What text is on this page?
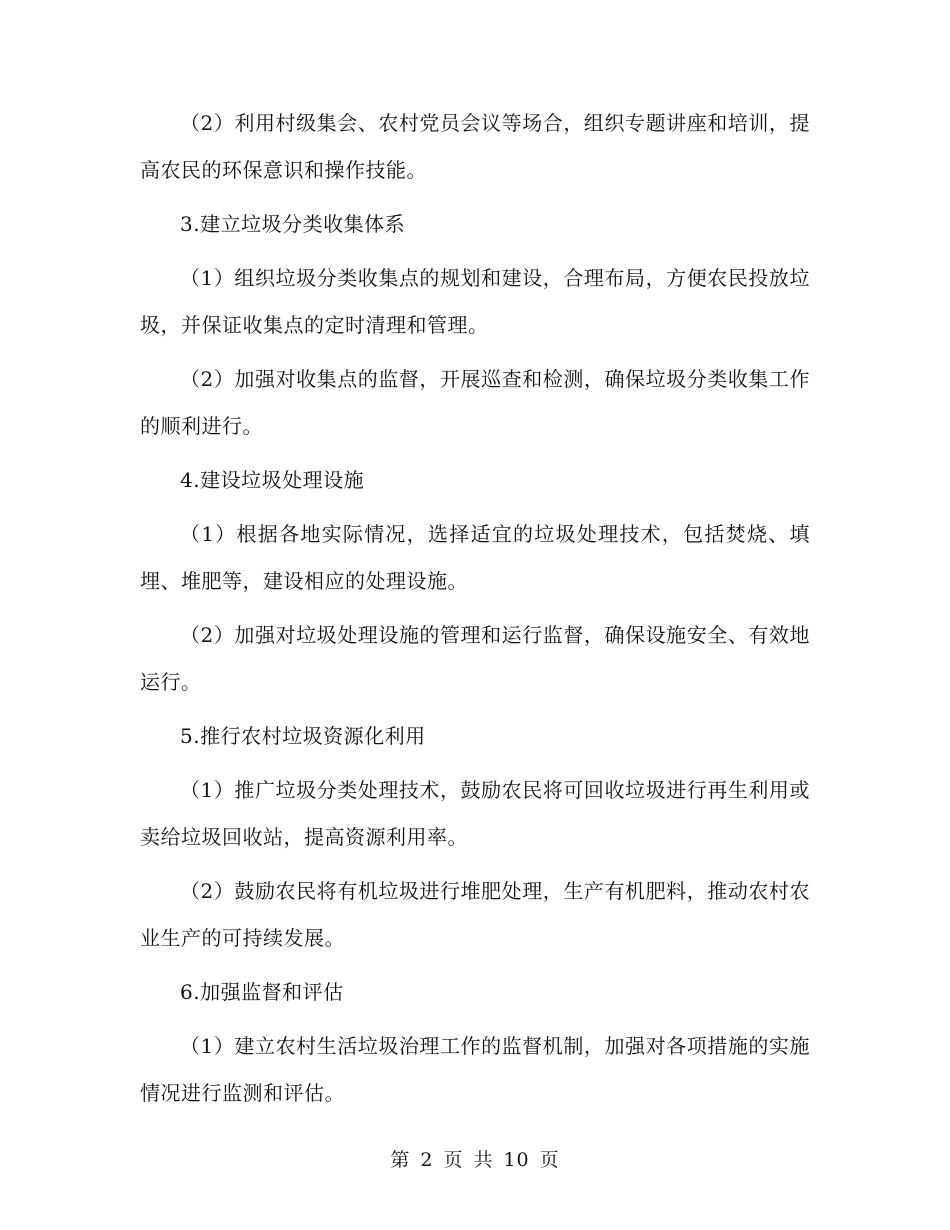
（2）利用村级集会、农村党员会议等场合，组织专题讲座和培训，提高农民的环保意识和操作技能。

3.建立垃圾分类收集体系

（1）组织垃圾分类收集点的规划和建设，合理布局，方便农民投放垃圾，并保证收集点的定时清理和管理。

（2）加强对收集点的监督，开展巡查和检测，确保垃圾分类收集工作的顺利进行。

4.建设垃圾处理设施

（1）根据各地实际情况，选择适宜的垃圾处理技术，包括焚烧、填埋、堆肥等，建设相应的处理设施。

（2）加强对垃圾处理设施的管理和运行监督，确保设施安全、有效地运行。

5.推行农村垃圾资源化利用

（1）推广垃圾分类处理技术，鼓励农民将可回收垃圾进行再生利用或卖给垃圾回收站，提高资源利用率。

（2）鼓励农民将有机垃圾进行堆肥处理，生产有机肥料，推动农村农业生产的可持续发展。

6.加强监督和评估

（1）建立农村生活垃圾治理工作的监督机制，加强对各项措施的实施情况进行监测和评估。

第 2 页 共 10 页
